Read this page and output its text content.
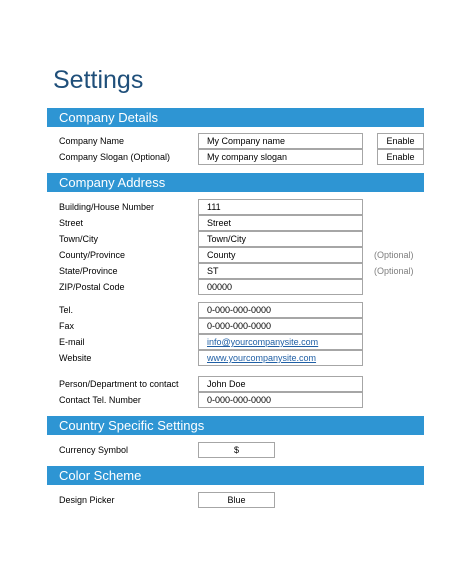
Settings
Company Details
Company Name	My Company name	Enable
Company Slogan (Optional)	My company slogan	Enable
Company Address
Building/House Number	111
Street	Street
Town/City	Town/City
County/Province	County	(Optional)
State/Province	ST	(Optional)
ZIP/Postal Code	00000
Tel.	0-000-000-0000
Fax	0-000-000-0000
E-mail	info@yourcompanysite.com
Website	www.yourcompanysite.com
Person/Department to contact	John Doe
Contact Tel. Number	0-000-000-0000
Country Specific Settings
Currency Symbol	$
Color Scheme
Design Picker	Blue
